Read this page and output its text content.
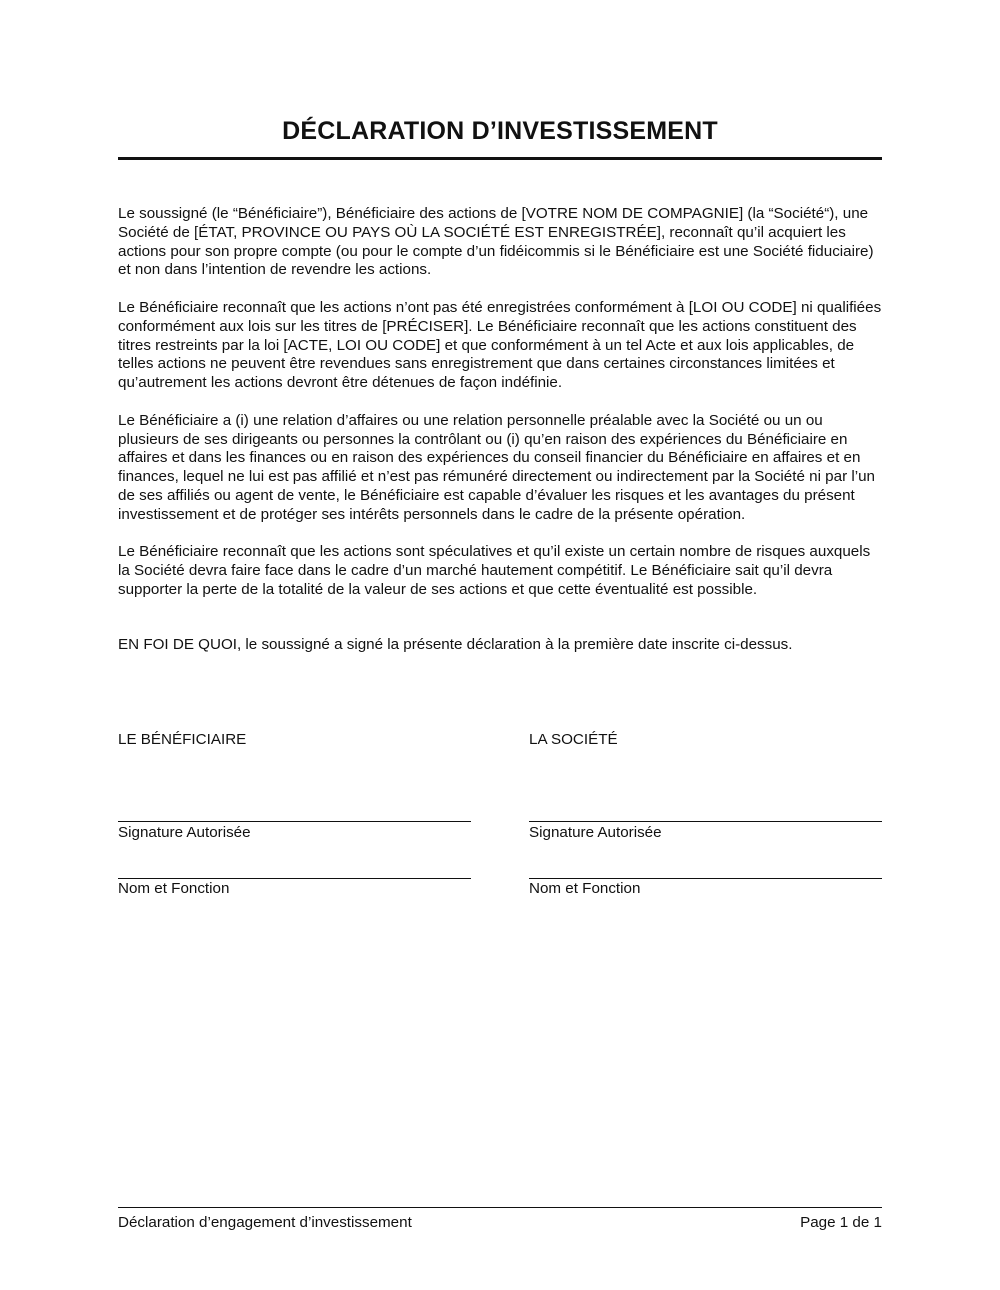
DÉCLARATION D’INVESTISSEMENT

Le soussigné (le “Bénéficiaire”), Bénéficiaire des actions de [VOTRE NOM DE COMPAGNIE] (la “Société“), une Société de [ÉTAT, PROVINCE OU PAYS OÙ LA SOCIÉTÉ EST ENREGISTRÉE], reconnaît qu’il acquiert les actions pour son propre compte (ou pour le compte d’un fidéicommis si le Bénéficiaire est une Société fiduciaire) et non dans l’intention de revendre les actions.

Le Bénéficiaire reconnaît que les actions n’ont pas été enregistrées conformément à [LOI OU CODE] ni qualifiées conformément aux lois sur les titres de [PRÉCISER]. Le Bénéficiaire reconnaît que les actions constituent des titres restreints par la loi [ACTE, LOI OU CODE] et que conformément à un tel Acte et aux lois applicables, de telles actions ne peuvent être revendues sans enregistrement que dans certaines circonstances limitées et qu’autrement les actions devront être détenues de façon indéfinie.

Le Bénéficiaire a (i) une relation d’affaires ou une relation personnelle préalable avec la Société ou un ou plusieurs de ses dirigeants ou personnes la contrôlant ou (i) qu’en raison des expériences du Bénéficiaire en affaires et dans les finances ou en raison des expériences du conseil financier du Bénéficiaire en affaires et en finances, lequel ne lui est pas affilié et n’est pas rémunéré directement ou indirectement par la Société ni par l’un de ses affiliés ou agent de vente, le Bénéficiaire est capable d’évaluer les risques et les avantages du présent investissement et de protéger ses intérêts personnels dans le cadre de la présente opération.

Le Bénéficiaire reconnaît que les actions sont spéculatives et qu’il existe un certain nombre de risques auxquels la Société devra faire face dans le cadre d’un marché hautement compétitif. Le Bénéficiaire sait qu’il devra supporter la perte de la totalité de la valeur de ses actions et que cette éventualité est possible.

EN FOI DE QUOI, le soussigné a signé la présente déclaration à la première date inscrite ci-dessus.

LE BÉNÉFICIAIRE
Signature Autorisée
Nom et Fonction
LA SOCIÉTÉ
Signature Autorisée
Nom et Fonction
Déclaration d’engagement d’investissement	Page 1 de 1
